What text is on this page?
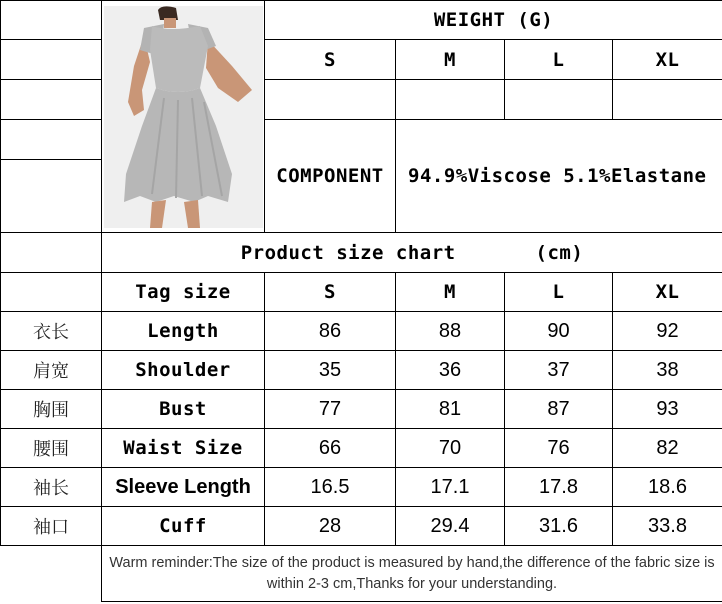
	WEIGHT (G)			
		S	M	L	XL

		COMPONENT	94.9%Viscose 5.1%Elastane		

	Product size chart (cm)				
	Tag size	S	M	L	XL
衣长	Length	86	88	90	92
肩宽	Shoulder	35	36	37	38
胸围	Bust	77	81	87	93
腰围	Waist Size	66	70	76	82
袖长	Sleeve Length	16.5	17.1	17.8	18.6
袖口	Cuff	28	29.4	31.6	33.8
	Warm reminder:The size of the product is measured by hand,the difference of the fabric size is within 2-3 cm,Thanks for your understanding.				
